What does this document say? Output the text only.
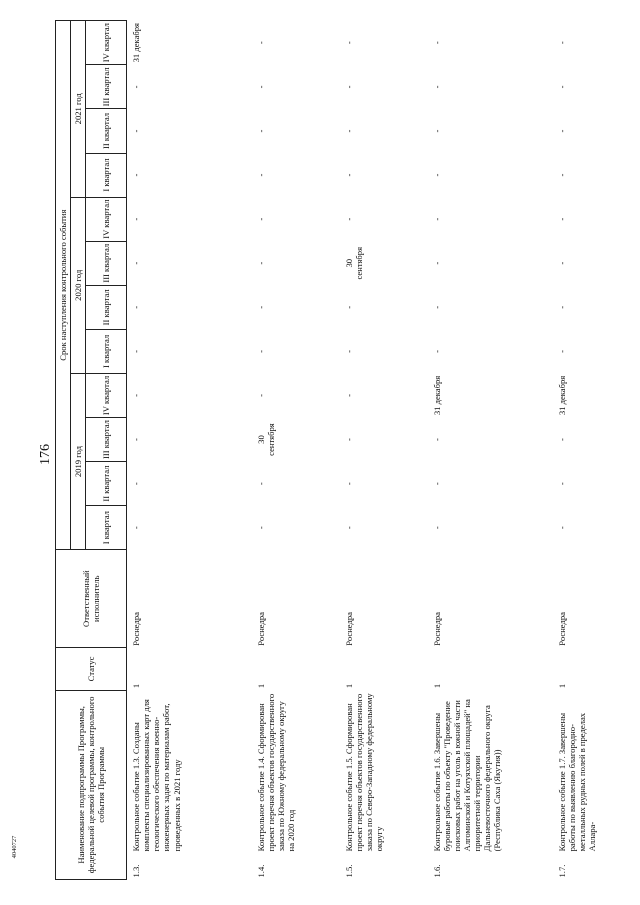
176
4040727	Наименование подпрограммы Программы, федеральной целевой программы, контрольного события Программы		Статус	Ответственный исполнитель	Срок наступления контрольного события											
				2019 год				2020 год				2021 год			
				I квартал	II квартал	III квартал	IV квартал	I квартал	II квартал	III квартал	IV квартал	I квартал	II квартал	III квартал	IV квартал
1.3.	Контрольное событие 1.3. Созданы комплекты специализированных карт для геологического обеспечения военно-инженерных задач по материалам работ, проведенных в 2021 году	1	Роснедра	-	-	-	-	-	-	-	-	-	-	-	31 декабря
1.4.	Контрольное событие 1.4. Сформирован проект перечня объектов государственного заказа по Южному федеральному округу на 2020 год	1	Роснедра	-	-	30 сентября	-	-	-	-	-	-	-	-	-
1.5.	Контрольное событие 1.5. Сформирован проект перечня объектов государственного заказа по Северо-Западному федеральному округу	1	Роснедра	-	-	-	-	-	-	30 сентября	-	-	-	-	-
1.6.	Контрольное событие 1.6. Завершены буровые работы по объекту "Проведение поисковых работ на уголь в южной части Алгоминской и Котуяхской площадей" на приоритетной территории Дальневосточного федерального округа (Республика Саха (Якутия))	1	Роснедра	-	-	-	31 декабря	-	-	-	-	-	-	-	-
1.7.	Контрольное событие 1.7. Завершены работы по выявлению благородно-металльных рудных полей в пределах Аллара-	1	Роснедра	-	-	-	31 декабря	-	-	-	-	-	-	-	-
